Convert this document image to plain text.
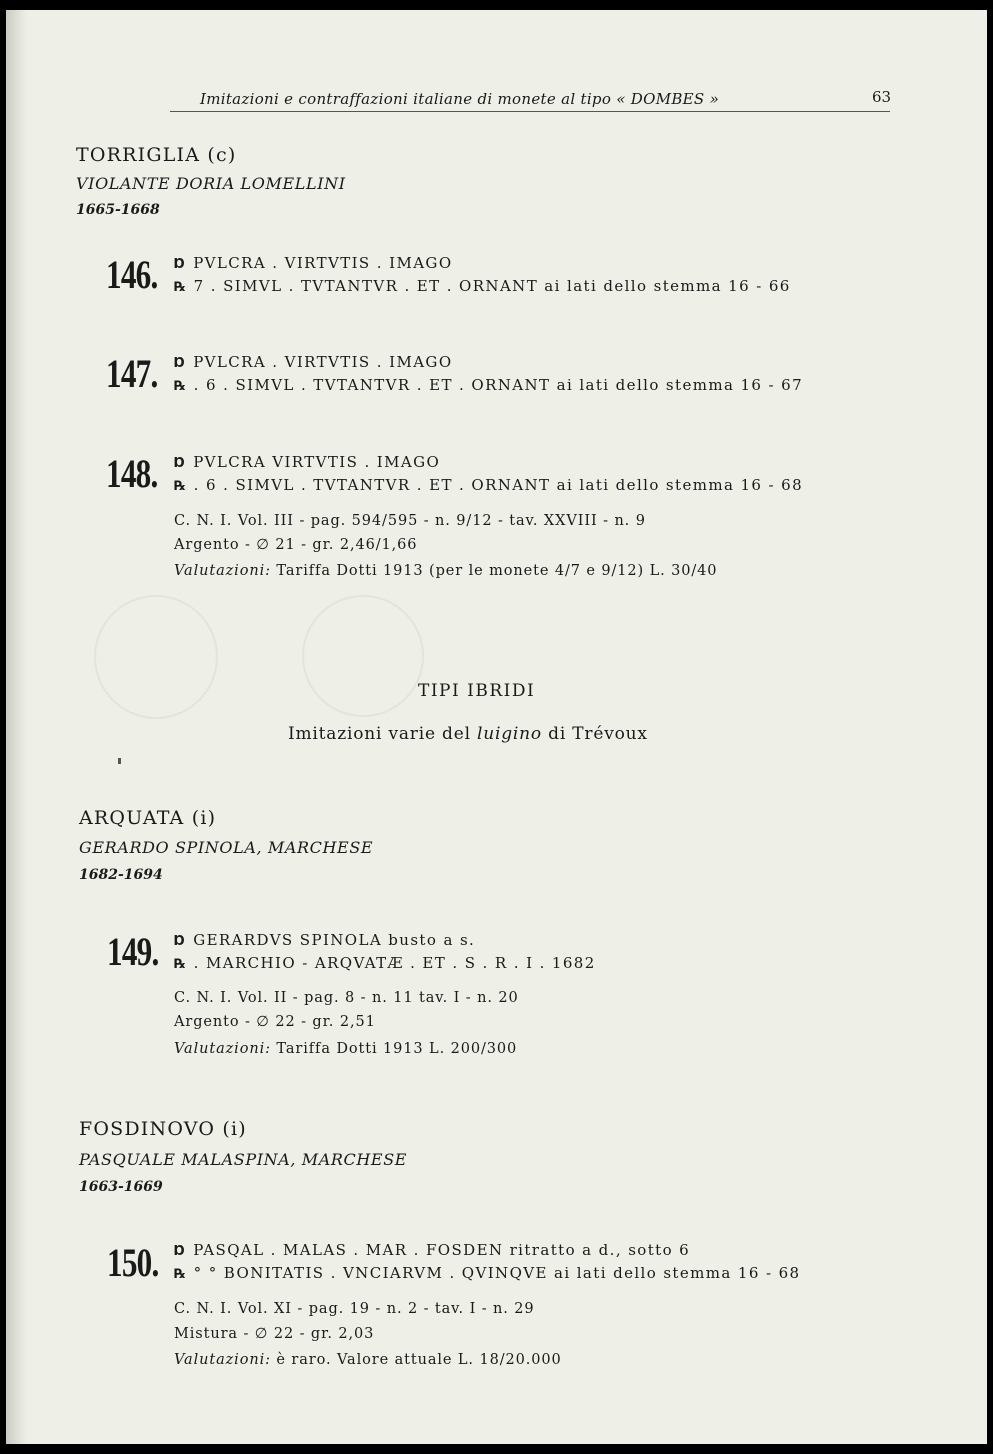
Imitazioni e contraffazioni italiane di monete al tipo « DOMBES »	63
TORRIGLIA (c)
VIOLANTE DORIA LOMELLINI
1665-1668
146. Ɒ PVLCRA . VIRTVTIS . IMAGO
℞ 7 . SIMVL . TVTANTVR . ET . ORNANT ai lati dello stemma 16 - 66
147. Ɒ PVLCRA . VIRTVTIS . IMAGO
℞ . 6 . SIMVL . TVTANTVR . ET . ORNANT ai lati dello stemma 16 - 67
148. Ɒ PVLCRA VIRTVTIS . IMAGO
℞ . 6 . SIMVL . TVTANTVR . ET . ORNANT ai lati dello stemma 16 - 68
C. N. I. Vol. III - pag. 594/595 - n. 9/12 - tav. XXVIII - n. 9
Argento - ∅ 21 - gr. 2,46/1,66
Valutazioni: Tariffa Dotti 1913 (per le monete 4/7 e 9/12) L. 30/40
TIPI IBRIDI
Imitazioni varie del luigino di Trévoux
ARQUATA (i)
GERARDO SPINOLA, MARCHESE
1682-1694
149. Ɒ GERARDVS SPINOLA busto a s.
℞ . MARCHIO - ARQVATÆ . ET . S . R . I . 1682
C. N. I. Vol. II - pag. 8 - n. 11 tav. I - n. 20
Argento - ∅ 22 - gr. 2,51
Valutazioni: Tariffa Dotti 1913 L. 200/300
FOSDINOVO (i)
PASQUALE MALASPINA, MARCHESE
1663-1669
150. Ɒ PASQAL . MALAS . MAR . FOSDEN ritratto a d., sotto 6
℞ ° ° BONITATIS . VNCIARVM . QVINQVE ai lati dello stemma 16 - 68
C. N. I. Vol. XI - pag. 19 - n. 2 - tav. I - n. 29
Mistura - ∅ 22 - gr. 2,03
Valutazioni: è raro. Valore attuale L. 18/20.000
